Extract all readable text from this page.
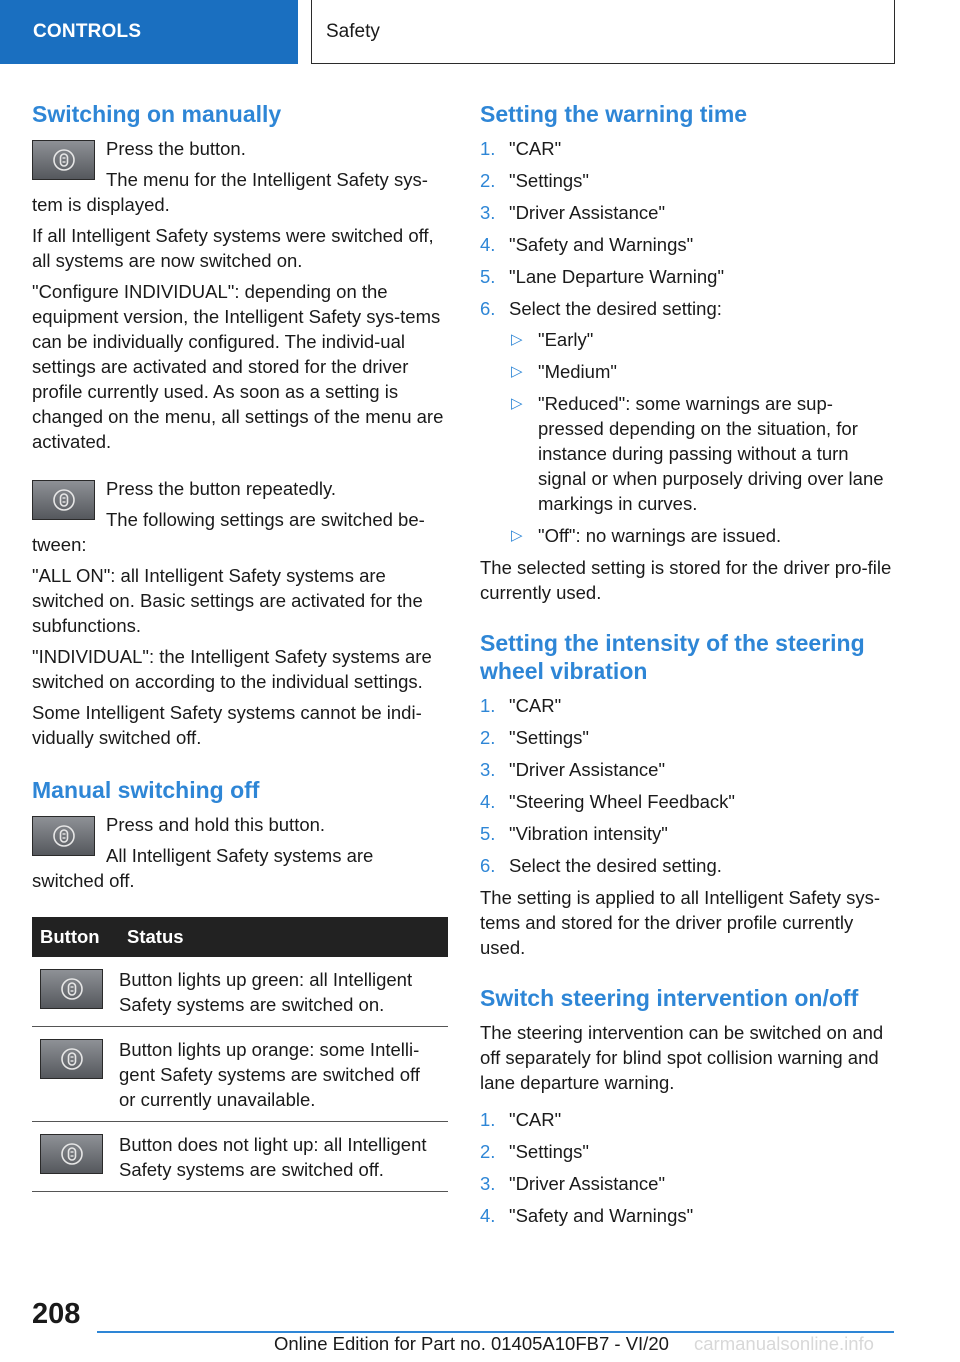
CONTROLS	Safety
Switching on manually

Press the button.

The menu for the Intelligent Safety sys-tem is displayed.

If all Intelligent Safety systems were switched off, all systems are now switched on.

"Configure INDIVIDUAL": depending on the equipment version, the Intelligent Safety sys-tems can be individually configured. The individ-ual settings are activated and stored for the driver profile currently used. As soon as a setting is changed on the menu, all settings of the menu are activated.

Press the button repeatedly.

The following settings are switched be-tween:

"ALL ON": all Intelligent Safety systems are switched on. Basic settings are activated for the subfunctions.

"INDIVIDUAL": the Intelligent Safety systems are switched on according to the individual settings.

Some Intelligent Safety systems cannot be indi-vidually switched off.

Manual switching off

Press and hold this button.

All Intelligent Safety systems are switched off.

Button	Status

	Button lights up green: all Intelligent Safety systems are switched on.

	Button lights up orange: some Intelli-gent Safety systems are switched off or currently unavailable.

	Button does not light up: all Intelligent Safety systems are switched off.
Setting the warning time
1. "CAR"
2. "Settings"
3. "Driver Assistance"
4. "Safety and Warnings"
5. "Lane Departure Warning"
6. Select the desired setting:
▷ "Early"
▷ "Medium"
▷ "Reduced": some warnings are sup-pressed depending on the situation, for instance during passing without a turn signal or when purposely driving over lane markings in curves.
▷ "Off": no warnings are issued.

The selected setting is stored for the driver pro-file currently used.

Setting the intensity of the steering wheel vibration
1. "CAR"
2. "Settings"
3. "Driver Assistance"
4. "Steering Wheel Feedback"
5. "Vibration intensity"
6. Select the desired setting.

The setting is applied to all Intelligent Safety sys-tems and stored for the driver profile currently used.

Switch steering intervention on/off

The steering intervention can be switched on and off separately for blind spot collision warning and lane departure warning.

1. "CAR"
2. "Settings"
3. "Driver Assistance"
4. "Safety and Warnings"
208
Online Edition for Part no. 01405A10FB7 - VI/20 carmanualsonline.info
